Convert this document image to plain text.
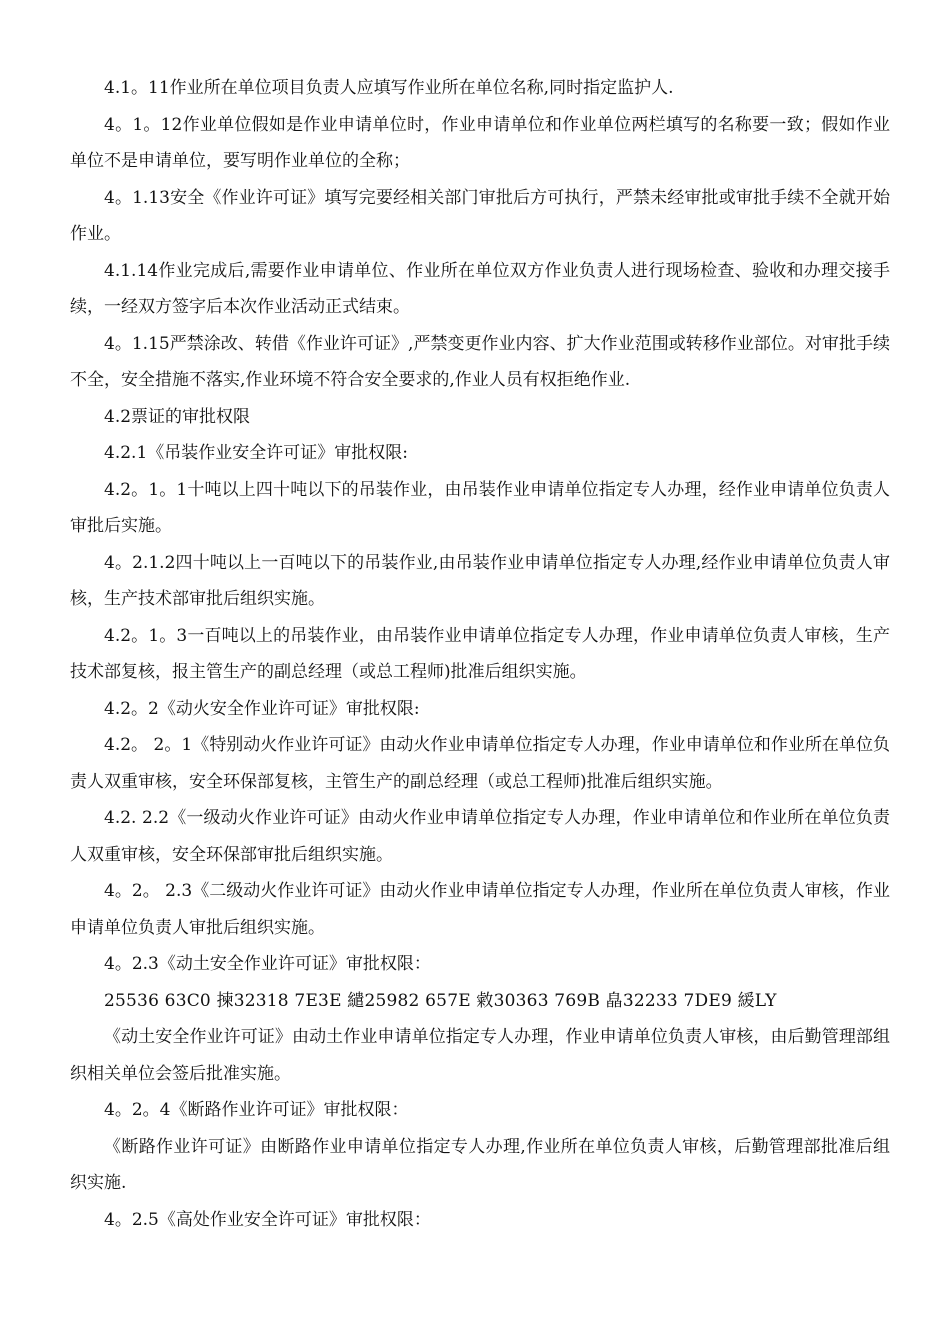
4.1。11作业所在单位项目负责人应填写作业所在单位名称,同时指定监护人.

4。1。12作业单位假如是作业申请单位时，作业申请单位和作业单位两栏填写的名称要一致；假如作业单位不是申请单位，要写明作业单位的全称；

4。1.13安全《作业许可证》填写完要经相关部门审批后方可执行，严禁未经审批或审批手续不全就开始作业。

4.1.14作业完成后,需要作业申请单位、作业所在单位双方作业负责人进行现场检查、验收和办理交接手续，一经双方签字后本次作业活动正式结束。

4。1.15严禁涂改、转借《作业许可证》,严禁变更作业内容、扩大作业范围或转移作业部位。对审批手续不全，安全措施不落实,作业环境不符合安全要求的,作业人员有权拒绝作业.

4.2票证的审批权限

4.2.1《吊装作业安全许可证》审批权限:

4.2。1。1十吨以上四十吨以下的吊装作业，由吊装作业申请单位指定专人办理，经作业申请单位负责人审批后实施。

4。2.1.2四十吨以上一百吨以下的吊装作业,由吊装作业申请单位指定专人办理,经作业申请单位负责人审核，生产技术部审批后组织实施。

4.2。1。3一百吨以上的吊装作业，由吊装作业申请单位指定专人办理，作业申请单位负责人审核，生产技术部复核，报主管生产的副总经理（或总工程师)批准后组织实施。

4.2。2《动火安全作业许可证》审批权限:

4.2。 2。1《特别动火作业许可证》由动火作业申请单位指定专人办理，作业申请单位和作业所在单位负责人双重审核，安全环保部复核，主管生产的副总经理（或总工程师)批准后组织实施。

4.2. 2.2《一级动火作业许可证》由动火作业申请单位指定专人办理，作业申请单位和作业所在单位负责人双重审核，安全环保部审批后组织实施。

4。2。 2.3《二级动火作业许可证》由动火作业申请单位指定专人办理，作业所在单位负责人审核，作业申请单位负责人审批后组织实施。

4。2.3《动土安全作业许可证》审批权限：

25536 63C0 揀32318 7E3E 繾25982 657E 敹30363 769B 皛32233 7DE9 緩LY

《动土安全作业许可证》由动土作业申请单位指定专人办理，作业申请单位负责人审核，由后勤管理部组织相关单位会签后批准实施。

4。2。4《断路作业许可证》审批权限：

《断路作业许可证》由断路作业申请单位指定专人办理,作业所在单位负责人审核，后勤管理部批准后组织实施.

4。2.5《高处作业安全许可证》审批权限：
